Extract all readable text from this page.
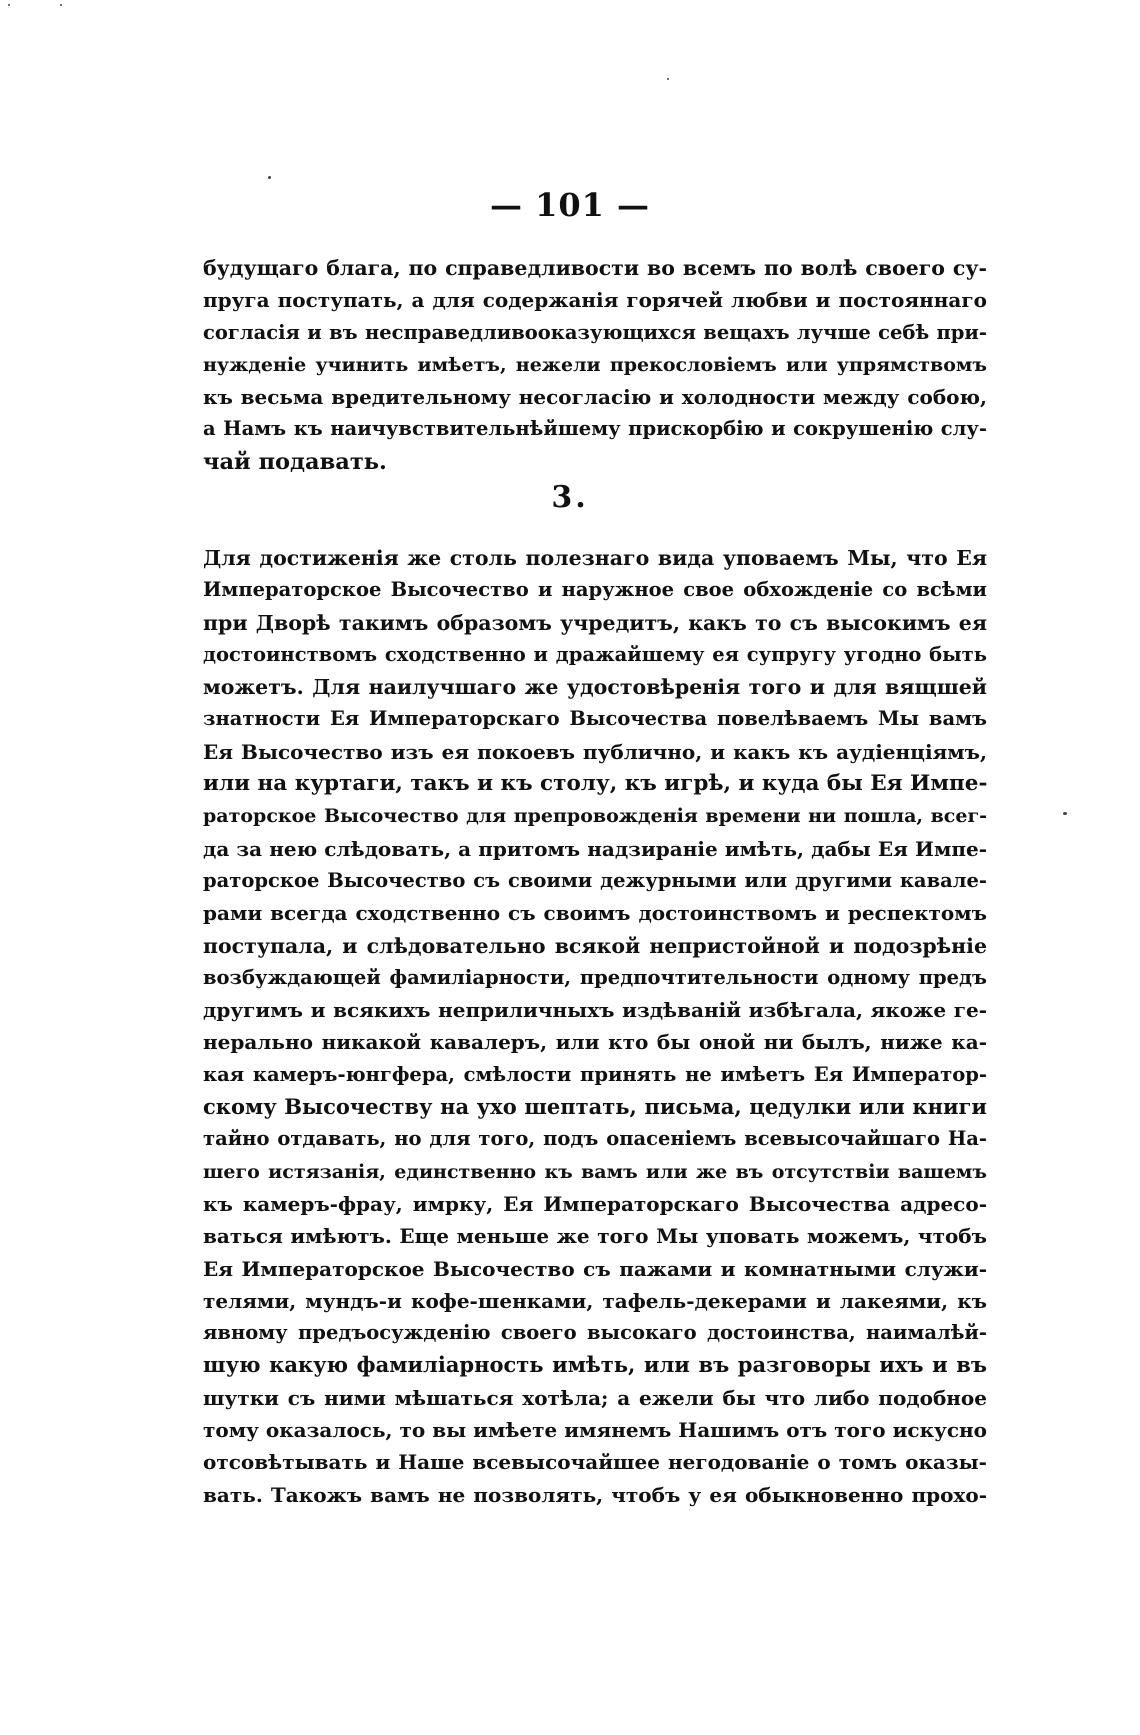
— 101 —
будущаго блага, по справедливости во всемъ по волѣ своего су-
пруга поступать, а для содержанія горячей любви и постояннаго
согласія и въ несправедливооказующихся вещахъ лучше себѣ при-
нужденіе учинить имѣетъ, нежели прекословіемъ или упрямствомъ
къ весьма вредительному несогласію и холодности между собою,
а Намъ къ наичувствительнѣйшему прискорбію и сокрушенію слу-
чай подавать.
3.
Для достиженія же столь полезнаго вида уповаемъ Мы, что Ея
Императорское Высочество и наружное свое обхожденіе со всѣми
при Дворѣ такимъ образомъ учредитъ, какъ то съ высокимъ ея
достоинствомъ сходственно и дражайшему ея супругу угодно быть
можетъ. Для наилучшаго же удостовѣренія того и для вящшей
знатности Ея Императорскаго Высочества повелѣваемъ Мы вамъ
Ея Высочество изъ ея покоевъ публично, и какъ къ аудіенціямъ,
или на куртаги, такъ и къ столу, къ игрѣ, и куда бы Ея Импе-
раторское Высочество для препровожденія времени ни пошла, всег-
да за нею слѣдовать, а притомъ надзираніе имѣть, дабы Ея Импе-
раторское Высочество съ своими дежурными или другими кавале-
рами всегда сходственно съ своимъ достоинствомъ и респектомъ
поступала, и слѣдовательно всякой непристойной и подозрѣніе
возбуждающей фамиліарности, предпочтительности одному предъ
другимъ и всякихъ неприличныхъ издѣваній избѣгала, якоже ге-
нерально никакой кавалеръ, или кто бы оной ни былъ, ниже ка-
кая камеръ-юнгфера, смѣлости принять не имѣетъ Ея Император-
скому Высочеству на ухо шептать, письма, цедулки или книги
тайно отдавать, но для того, подъ опасеніемъ всевысочайшаго На-
шего истязанія, единственно къ вамъ или же въ отсутствіи вашемъ
къ камеръ-фрау, имрку, Ея Императорскаго Высочества адресо-
ваться имѣютъ. Еще меньше же того Мы уповать можемъ, чтобъ
Ея Императорское Высочество съ пажами и комнатными служи-
телями, мундъ-и кофе-шенками, тафель-декерами и лакеями, къ
явному предъосужденію своего высокаго достоинства, наималѣй-
шую какую фамиліарность имѣть, или въ разговоры ихъ и въ
шутки съ ними мѣшаться хотѣла; а ежели бы что либо подобное
тому оказалось, то вы имѣете имянемъ Нашимъ отъ того искусно
отсовѣтывать и Наше всевысочайшее негодованіе о томъ оказы-
вать. Такожъ вамъ не позволять, чтобъ у ея обыкновенно прохо-
